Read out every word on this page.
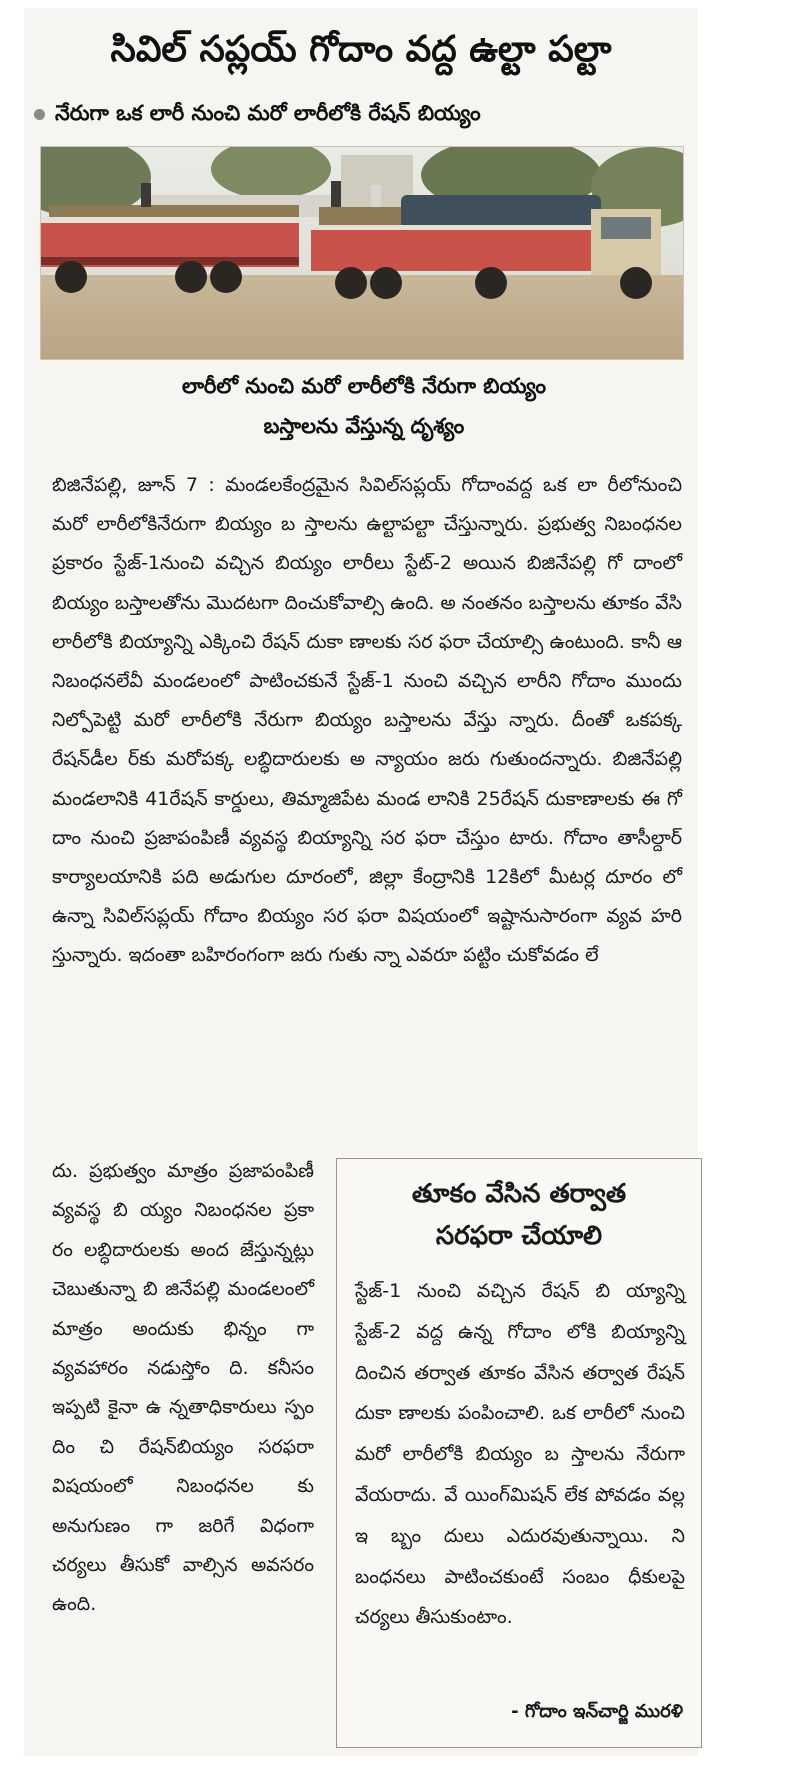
సివిల్ సప్లయ్ గోదాం వద్ద ఉల్టా పల్టా
నేరుగా ఒక లారీ నుంచి మరో లారీలోకి రేషన్ బియ్యం
లారీలో నుంచి మరో లారీలోకి నేరుగా బియ్యం
బస్తాలను వేస్తున్న దృశ్యం

బిజినేపల్లి, జూన్ 7 : మండలకేంద్రమైన సివిల్‌సప్లయ్ గోదాంవద్ద ఒక లా రీలోనుంచి మరో లారీలోకినేరుగా బియ్యం బ స్తాలను ఉల్టాపల్టా చేస్తున్నారు. ప్రభుత్వ నిబంధనల ప్రకారం స్టేజ్-1నుంచి వచ్చిన బియ్యం లారీలు స్టేట్-2 అయిన బిజినేపల్లి గో దాంలో బియ్యం బస్తాలతోను మొదటగా దించుకోవాల్సి ఉంది. అ నంతనం బస్తాలను తూకం వేసి లారీలోకి బియ్యాన్ని ఎక్కించి రేషన్ దుకా ణాలకు సర ఫరా చేయాల్సి ఉంటుంది. కానీ ఆ నిబంధనలేవీ మండలంలో పాటించకునే స్టేజ్-1 నుంచి వచ్చిన లారీని గోదాం ముందు నిల్పోపెట్టి మరో లారీలోకి నేరుగా బియ్యం బస్తాలను వేస్తు న్నారు. దీంతో ఒకపక్క రేషన్‌డీల ర్‌కు మరోపక్క లబ్ధిదారులకు అ న్యాయం జరు గుతుందన్నారు. బిజినేపల్లి మండలానికి 41రేషన్ కార్డులు, తిమ్మాజిపేట మండ లానికి 25రేషన్ దుకాణాలకు ఈ గో దాం నుంచి ప్రజాపంపిణీ వ్యవస్థ బియ్యాన్ని సర ఫరా చేస్తుం టారు. గోదాం తాసీల్దార్ కార్యాలయానికి పది అడుగుల దూరంలో, జిల్లా కేంద్రానికి 12కిలో మీటర్ల దూరం లో ఉన్నా సివిల్‌సప్లయ్ గోదాం బియ్యం సర ఫరా విషయంలో ఇష్టానుసారంగా వ్యవ హరి స్తున్నారు. ఇదంతా బహిరంగంగా జరు గుతు న్నా ఎవరూ పట్టిం చుకోవడం లే

దు. ప్రభుత్వం మాత్రం ప్రజాపంపిణీ వ్యవస్థ బి య్యం నిబంధనల ప్రకా రం లబ్ధిదారులకు అంద జేస్తున్నట్లు చెబుతున్నా బి జినేపల్లి మండలంలో మాత్రం అందుకు భిన్నం గా వ్యవహారం నడుస్తోం ది. కనీసం ఇప్పటి కైనా ఉ న్నతాధికారులు స్పం దిం చి రేషన్‌బియ్యం సరఫరా విషయంలో నిబంధనల కు అనుగుణం గా జరిగే విధంగా చర్యలు తీసుకో వాల్సిన అవసరం ఉంది.

తూకం వేసిన తర్వాత
సరఫరా చేయాలి

స్టేజ్-1 నుంచి వచ్చిన రేషన్ బి య్యాన్ని స్టేజ్-2 వద్ద ఉన్న గోదాం లోకి బియ్యాన్ని దించిన తర్వాత తూకం వేసిన తర్వాత రేషన్ దుకా ణాలకు పంపించాలి. ఒక లారీలో నుంచి మరో లారీలోకి బియ్యం బ స్తాలను నేరుగా వేయరాదు. వే యింగ్‌మిషన్ లేక పోవడం వల్ల ఇ బ్బం దులు ఎదురవుతున్నాయి. ని బంధనలు పాటించకుంటే సంబం ధీకులపై చర్యలు తీసుకుంటాం.

- గోదాం ఇన్‌చార్జి మురళి
